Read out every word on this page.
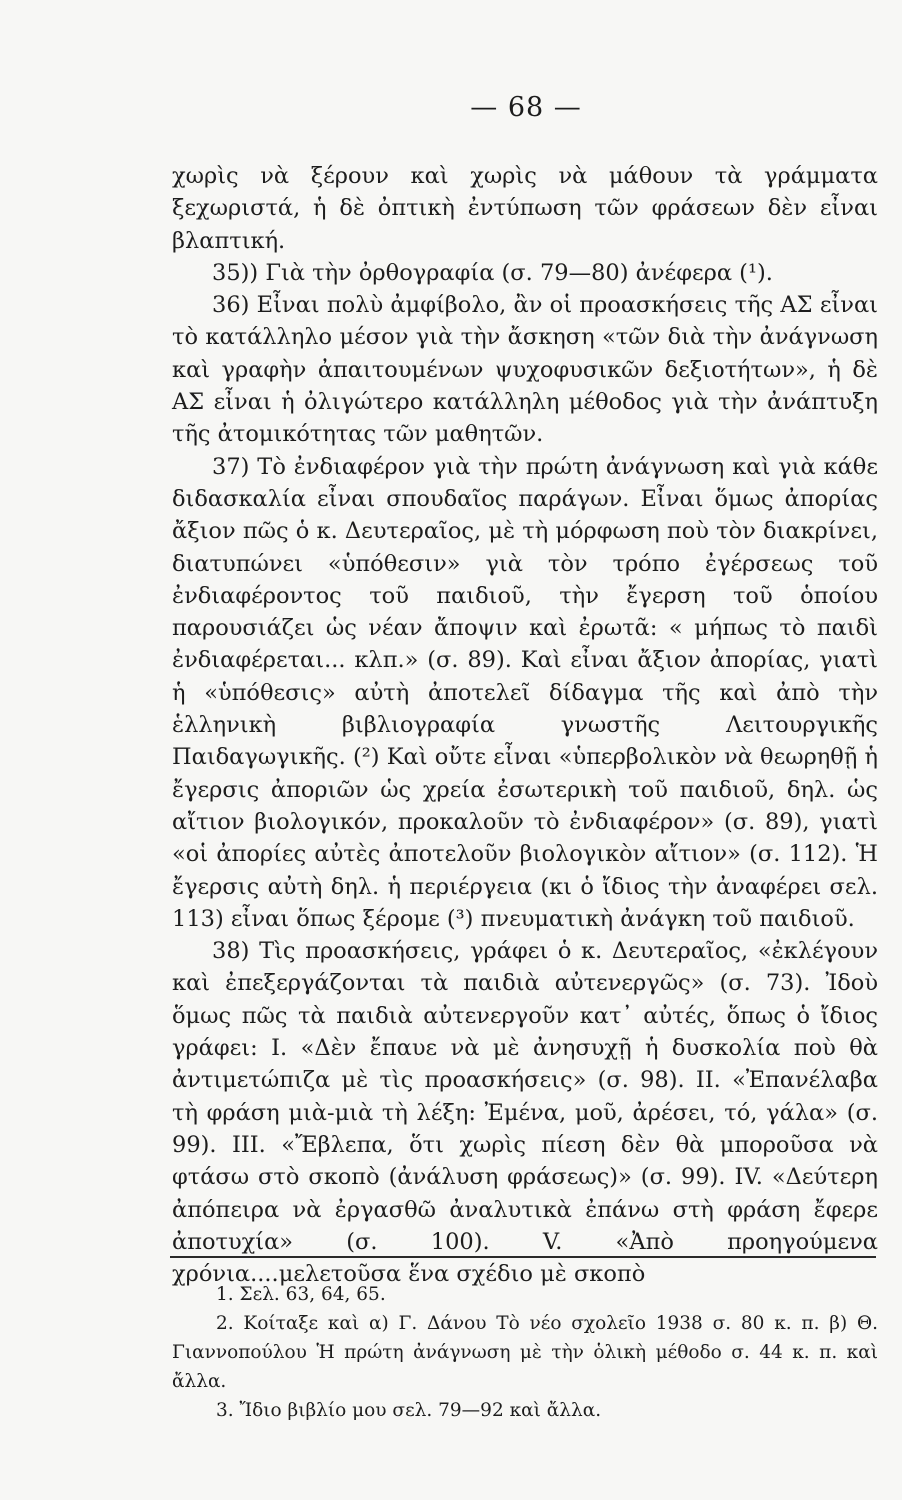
— 68 —

χωρὶς νὰ ξέρουν καὶ χωρὶς νὰ μάθουν τὰ γράμματα ξεχωριστά, ἡ δὲ ὀπτικὴ ἐντύπωση τῶν φράσεων δὲν εἶναι βλαπτική.

35)) Γιὰ τὴν ὀρθογραφία (σ. 79—80) ἀνέφερα (¹).

36) Εἶναι πολὺ ἀμφίβολο, ἂν οἱ προασκήσεις τῆς ΑΣ εἶναι τὸ κατάλληλο μέσον γιὰ τὴν ἄσκηση «τῶν διὰ τὴν ἀνάγνωση καὶ γραφὴν ἀπαιτουμένων ψυχοφυσικῶν δεξιοτήτων», ἡ δὲ ΑΣ εἶναι ἡ ὀλιγώτερο κατάλληλη μέθοδος γιὰ τὴν ἀνάπτυξη τῆς ἀτομικότητας τῶν μαθητῶν.

37) Τὸ ἐνδιαφέρον γιὰ τὴν πρώτη ἀνάγνωση καὶ γιὰ κάθε διδασκαλία εἶναι σπουδαῖος παράγων. Εἶναι ὅμως ἀπορίας ἄξιον πῶς ὁ κ. Δευτεραῖος, μὲ τὴ μόρφωση ποὺ τὸν διακρίνει, διατυπώνει «ὑπόθεσιν» γιὰ τὸν τρόπο ἐγέρσεως τοῦ ἐνδιαφέροντος τοῦ παιδιοῦ, τὴν ἔγερση τοῦ ὁποίου παρουσιάζει ὡς νέαν ἄποψιν καὶ ἐρωτᾶ: « μήπως τὸ παιδὶ ἐνδιαφέρεται... κλπ.» (σ. 89). Καὶ εἶναι ἄξιον ἀπορίας, γιατὶ ἡ «ὑπόθεσις» αὐτὴ ἀποτελεῖ δίδαγμα τῆς καὶ ἀπὸ τὴν ἑλληνικὴ βιβλιογραφία γνωστῆς Λειτουργικῆς Παιδαγωγικῆς. (²) Καὶ οὔτε εἶναι «ὑπερβολικὸν νὰ θεωρηθῇ ἡ ἔγερσις ἀποριῶν ὡς χρεία ἐσωτερικὴ τοῦ παιδιοῦ, δηλ. ὡς αἴτιον βιολογικόν, προκαλοῦν τὸ ἐνδιαφέρον» (σ. 89), γιατὶ «οἱ ἀπορίες αὐτὲς ἀποτελοῦν βιολογικὸν αἴτιον» (σ. 112). Ἡ ἔγερσις αὐτὴ δηλ. ἡ περιέργεια (κι ὁ ἴδιος τὴν ἀναφέρει σελ. 113) εἶναι ὅπως ξέρομε (³) πνευματικὴ ἀνάγκη τοῦ παιδιοῦ.

38) Τὶς προασκήσεις, γράφει ὁ κ. Δευτεραῖος, «ἐκλέγουν καὶ ἐπεξεργάζονται τὰ παιδιὰ αὐτενεργῶς» (σ. 73). Ἰδοὺ ὅμως πῶς τὰ παιδιὰ αὐτενεργοῦν κατ᾿ αὐτές, ὅπως ὁ ἴδιος γράφει: I. «Δὲν ἔπαυε νὰ μὲ ἀνησυχῇ ἡ δυσκολία ποὺ θὰ ἀντιμετώπιζα μὲ τὶς προασκήσεις» (σ. 98). II. «Ἐπανέλαβα τὴ φράση μιὰ-μιὰ τὴ λέξη: Ἐμένα, μοῦ, ἀρέσει, τό, γάλα» (σ. 99). III. «Ἔβλεπα, ὅτι χωρὶς πίεση δὲν θὰ μποροῦσα νὰ φτάσω στὸ σκοπὸ (ἀνάλυση φράσεως)» (σ. 99). IV. «Δεύτερη ἀπόπειρα νὰ ἐργασθῶ ἀναλυτικὰ ἐπάνω στὴ φράση ἔφερε ἀποτυχία» (σ. 100). V. «Ἀπὸ προηγούμενα χρόνια....μελετοῦσα ἕνα σχέδιο μὲ σκοπὸ

1. Σελ. 63, 64, 65.

2. Κοίταξε καὶ α) Γ. Δάνου Τὸ νέο σχολεῖο 1938 σ. 80 κ. π. β) Θ. Γιαννοπούλου Ἡ πρώτη ἀνάγνωση μὲ τὴν ὁλικὴ μέθοδο σ. 44 κ. π. καὶ ἄλλα.

3. Ἴδιο βιβλίο μου σελ. 79—92 καὶ ἄλλα.
